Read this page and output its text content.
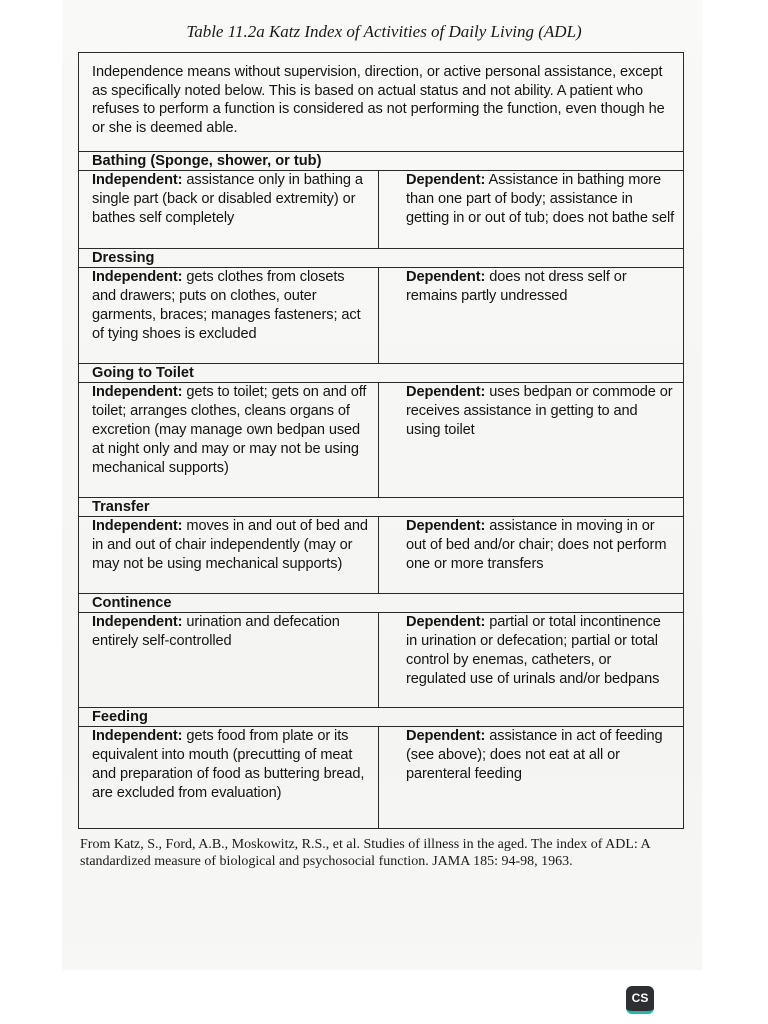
Table 11.2a Katz Index of Activities of Daily Living (ADL)
Independence means without supervision, direction, or active personal assistance, except as specifically noted below. This is based on actual status and not ability. A patient who refuses to perform a function is considered as not performing the function, even though he or she is deemed able.
Bathing (Sponge, shower, or tub)
Independent: assistance only in bathing a single part (back or disabled extremity) or bathes self completely
Dependent: Assistance in bathing more than one part of body; assistance in getting in or out of tub; does not bathe self
Dressing
Independent: gets clothes from closets and drawers; puts on clothes, outer garments, braces; manages fasteners; act of tying shoes is excluded
Dependent: does not dress self or remains partly undressed
Going to Toilet
Independent: gets to toilet; gets on and off toilet; arranges clothes, cleans organs of excretion (may manage own bedpan used at night only and may or may not be using mechanical supports)
Dependent: uses bedpan or commode or receives assistance in getting to and using toilet
Transfer
Independent: moves in and out of bed and in and out of chair independently (may or may not be using mechanical supports)
Dependent: assistance in moving in or out of bed and/or chair; does not perform one or more transfers
Continence
Independent: urination and defecation entirely self-controlled
Dependent: partial or total incontinence in urination or defecation; partial or total control by enemas, catheters, or regulated use of urinals and/or bedpans
Feeding
Independent: gets food from plate or its equivalent into mouth (precutting of meat and preparation of food as buttering bread, are excluded from evaluation)
Dependent: assistance in act of feeding (see above); does not eat at all or parenteral feeding
From Katz, S., Ford, A.B., Moskowitz, R.S., et al. Studies of illness in the aged. The index of ADL: A standardized measure of biological and psychosocial function. JAMA 185: 94-98, 1963.
CS
